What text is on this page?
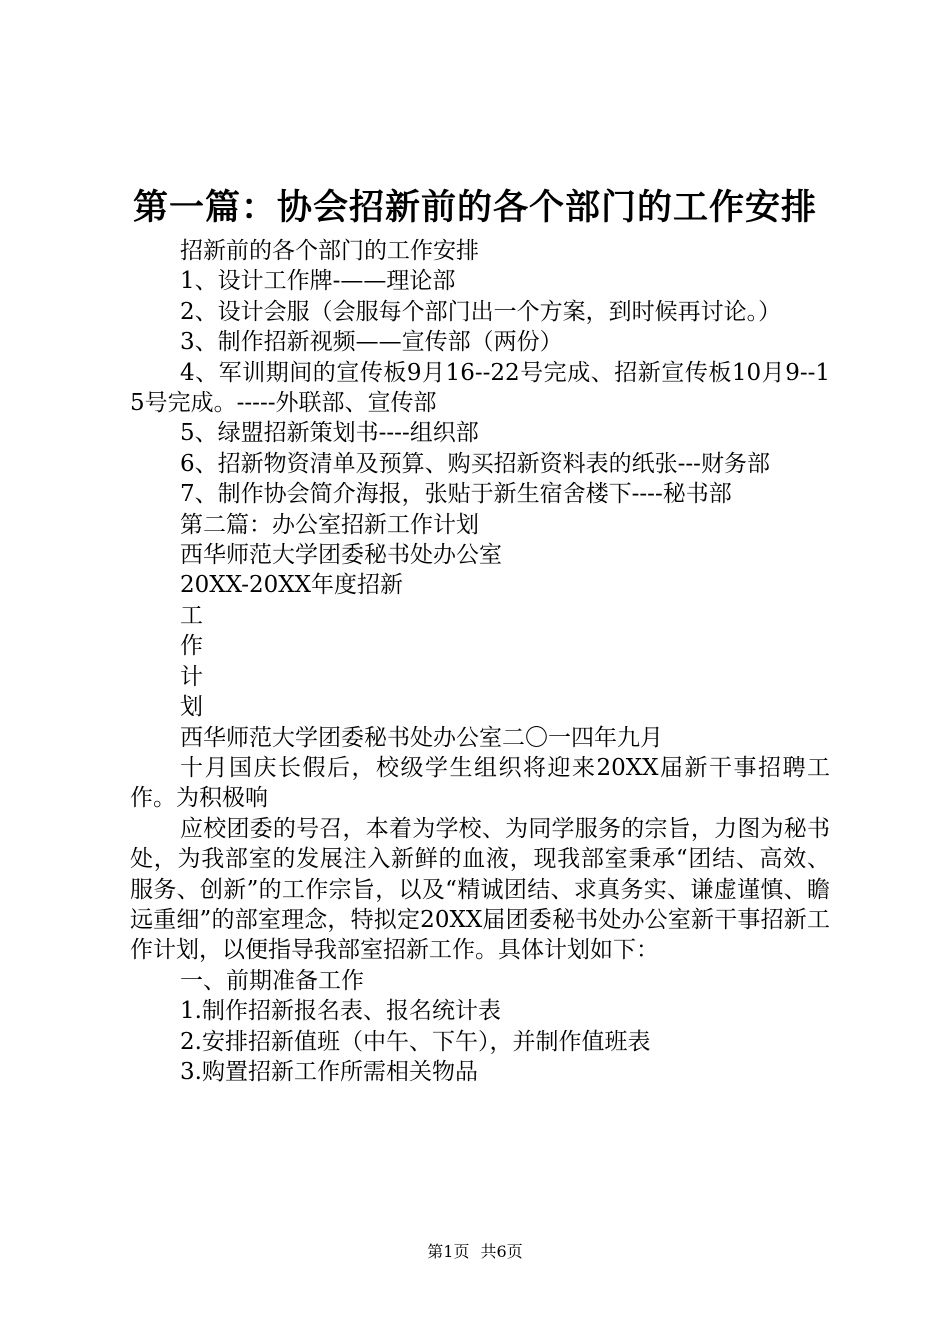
第一篇：协会招新前的各个部门的工作安排

招新前的各个部门的工作安排

1、设计工作牌-——理论部

2、设计会服（会服每个部门出一个方案，到时候再讨论。）

3、制作招新视频——宣传部（两份）

4、军训期间的宣传板9月16--22号完成、招新宣传板10月9--15号完成。-----外联部、宣传部

5、绿盟招新策划书----组织部

6、招新物资清单及预算、购买招新资料表的纸张---财务部

7、制作协会简介海报，张贴于新生宿舍楼下----秘书部

第二篇：办公室招新工作计划

西华师范大学团委秘书处办公室

20XX-20XX年度招新

工

作

计

划

西华师范大学团委秘书处办公室二〇一四年九月

十月国庆长假后，校级学生组织将迎来20XX届新干事招聘工作。为积极响

应校团委的号召，本着为学校、为同学服务的宗旨，力图为秘书处，为我部室的发展注入新鲜的血液，现我部室秉承“团结、高效、服务、创新”的工作宗旨，以及“精诚团结、求真务实、谦虚谨慎、瞻远重细”的部室理念，特拟定20XX届团委秘书处办公室新干事招新工作计划，以便指导我部室招新工作。具体计划如下：

一、前期准备工作

1.制作招新报名表、报名统计表

2.安排招新值班（中午、下午），并制作值班表

3.购置招新工作所需相关物品

第1页 共6页
